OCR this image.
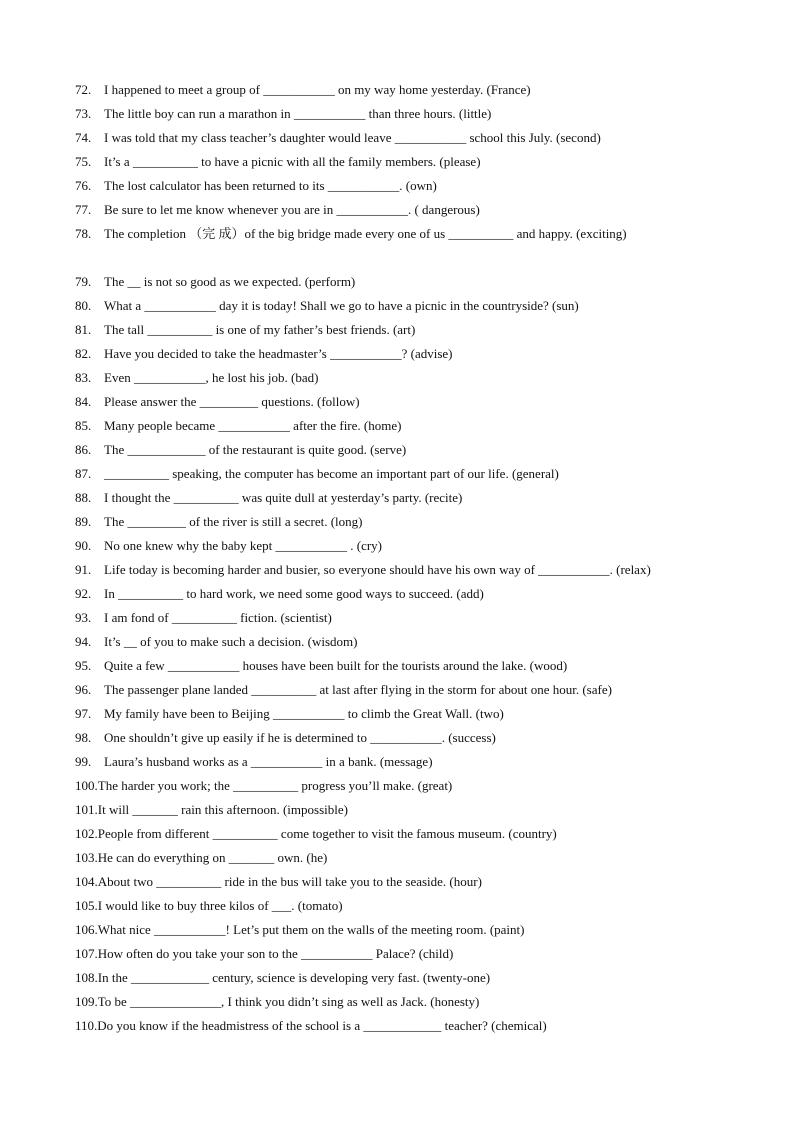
72. I happened to meet a group of ___________ on my way home yesterday. (France)
73. The little boy can run a marathon in ___________ than three hours. (little)
74. I was told that my class teacher’s daughter would leave ___________ school this July. (second)
75. It’s a __________ to have a picnic with all the family members. (please)
76. The lost calculator has been returned to its ___________. (own)
77. Be sure to let me know whenever you are in ___________. ( dangerous)
78. The completion （完 成）of the big bridge made every one of us __________ and happy. (exciting)
79. The __ is not so good as we expected. (perform)
80. What a ___________ day it is today! Shall we go to have a picnic in the countryside? (sun)
81. The tall __________ is one of my father’s best friends. (art)
82. Have you decided to take the headmaster’s ___________? (advise)
83. Even ___________, he lost his job. (bad)
84. Please answer the _________ questions. (follow)
85. Many people became ___________ after the fire. (home)
86. The ____________ of the restaurant is quite good. (serve)
87. __________ speaking, the computer has become an important part of our life. (general)
88. I thought the __________ was quite dull at yesterday’s party. (recite)
89. The _________ of the river is still a secret. (long)
90. No one knew why the baby kept ___________ . (cry)
91. Life today is becoming harder and busier, so everyone should have his own way of ___________. (relax)
92. In __________ to hard work, we need some good ways to succeed. (add)
93. I am fond of __________ fiction. (scientist)
94. It’s __ of you to make such a decision. (wisdom)
95. Quite a few ___________ houses have been built for the tourists around the lake. (wood)
96. The passenger plane landed __________ at last after flying in the storm for about one hour. (safe)
97. My family have been to Beijing ___________ to climb the Great Wall. (two)
98. One shouldn’t give up easily if he is determined to ___________. (success)
99. Laura’s husband works as a ___________ in a bank. (message)
100. The harder you work; the __________ progress you’ll make. (great)
101. It will _______ rain this afternoon. (impossible)
102. People from different __________ come together to visit the famous museum. (country)
103. He can do everything on _______ own. (he)
104. About two __________ ride in the bus will take you to the seaside. (hour)
105. I would like to buy three kilos of ___. (tomato)
106. What nice ___________! Let’s put them on the walls of the meeting room. (paint)
107. How often do you take your son to the ___________ Palace? (child)
108. In the ____________ century, science is developing very fast. (twenty-one)
109. To be ______________, I think you didn’t sing as well as Jack. (honesty)
110. Do you know if the headmistress of the school is a ____________ teacher? (chemical)
